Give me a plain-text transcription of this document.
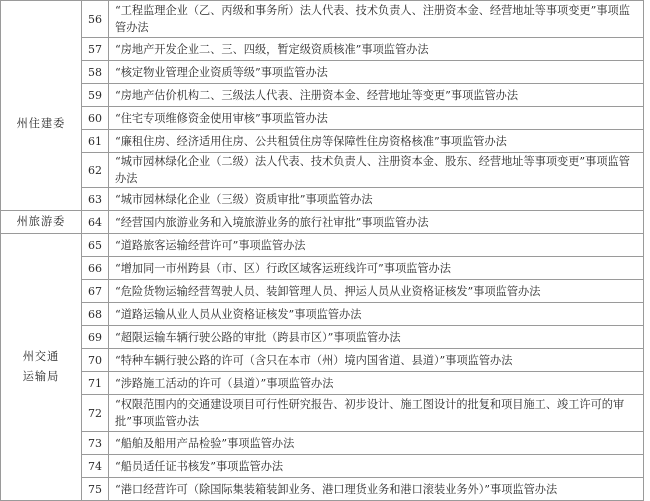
	56	“工程监理企业（乙、丙级和事务所）法人代表、技术负责人、注册资本金、经营地址等事项变更”事项监管办法
州住建委	57	“房地产开发企业二、三、四级，暂定级资质核准”事项监管办法
	58	“核定物业管理企业资质等级”事项监管办法
	59	“房地产估价机构二、三级法人代表、注册资本金、经营地址等变更”事项监管办法
	60	“住宅专项维修资金使用审核”事项监管办法
	61	“廉租住房、经济适用住房、公共租赁住房等保障性住房资格核准”事项监管办法
	62	“城市园林绿化企业（二级）法人代表、技术负责人、注册资本金、股东、经营地址等事项变更”事项监管办法
	63	“城市园林绿化企业（三级）资质审批”事项监管办法
州旅游委	64	“经营国内旅游业务和入境旅游业务的旅行社审批”事项监管办法
州交通
运输局	65	“道路旅客运输经营许可”事项监管办法
	66	“增加同一市州跨县（市、区）行政区域客运班线许可”事项监管办法
	67	“危险货物运输经营驾驶人员、装卸管理人员、押运人员从业资格证核发”事项监管办法
	68	“道路运输从业人员从业资格证核发”事项监管办法
	69	“超限运输车辆行驶公路的审批（跨县市区）”事项监管办法
	70	“特种车辆行驶公路的许可（含只在本市（州）境内国省道、县道）”事项监管办法
	71	“涉路施工活动的许可（县道）”事项监管办法
	72	“权限范围内的交通建设项目可行性研究报告、初步设计、施工图设计的批复和项目施工、竣工许可的审批”事项监管办法
	73	“船舶及船用产品检验”事项监管办法
	74	“船员适任证书核发”事项监管办法
	75	“港口经营许可（除国际集装箱装卸业务、港口理货业务和港口滚装业务外）”事项监管办法
